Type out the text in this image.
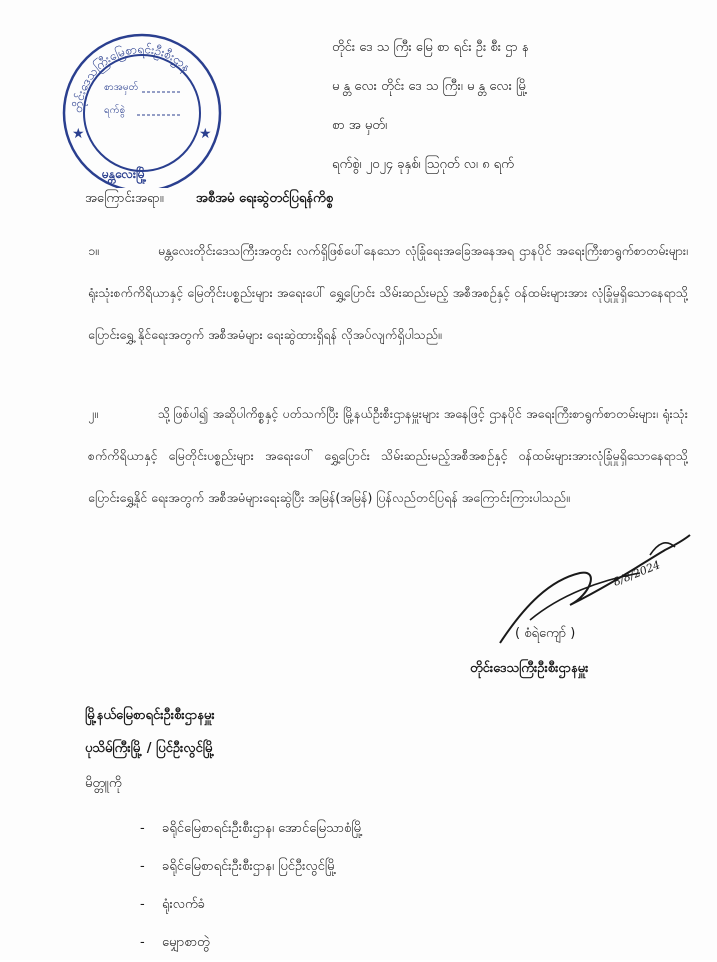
တိုင်းဒေသကြီးမြေစာရင်းဦးစီးဌာန
စာအမှတ်
ရက်စွဲ
မန္တလေးမြို့
★	★
တိုင်း ဒေ သ ကြီး မြေ စာ ရင်း ဦး စီး ဌာ န
မ န္တ လေး တိုင်း ဒေ သ ကြီး၊ မ န္တ လေး မြို့
စာ အ မှတ်၊
ရက်စွဲ၊ ၂၀၂၄ ခုနှစ်၊ ဩဂုတ် လ၊ ၈ ရက်
အကြောင်းအရာ။ အစီအမံ ရေးဆွဲတင်ပြရန်ကိစ္စ
၁။	မန္တလေးတိုင်းဒေသကြီးအတွင်း လက်ရှိဖြစ်ပေါ်နေသော လုံခြုံရေးအခြေအနေအရ ဌာနပိုင် အရေးကြီးစာရွက်စာတမ်းများ၊ ရုံးသုံးစက်ကိရိယာနှင့် မြေတိုင်းပစ္စည်းများ အရေးပေါ် ရွှေ့ပြောင်း သိမ်းဆည်းမည့် အစီအစဉ်နှင့် ဝန်ထမ်းများအား လုံခြုံမှုရှိသောနေရာသို့ ပြောင်းရွှေ့ နိုင်ရေးအတွက် အစီအမံများ ရေးဆွဲထားရှိရန် လိုအပ်လျက်ရှိပါသည်။
၂။	သို့ဖြစ်ပါ၍ အဆိုပါကိစ္စနှင့် ပတ်သက်ပြီး မြို့နယ်ဦးစီးဌာနမှူးများ အနေဖြင့် ဌာနပိုင် အရေးကြီးစာရွက်စာတမ်းများ၊ ရုံးသုံးစက်ကိရိယာနှင့် မြေတိုင်းပစ္စည်းများ အရေးပေါ် ရွှေ့ပြောင်း သိမ်းဆည်းမည့်အစီအစဉ်နှင့် ဝန်ထမ်းများအားလုံခြုံမှုရှိသောနေရာသို့ ပြောင်းရွှေ့နိုင် ရေးအတွက် အစီအမံများရေးဆွဲပြီး အမြန်(အမြန်) ပြန်လည်တင်ပြရန် အကြောင်းကြားပါသည်။
8/8/2024
( စံရဲကျော် )
တိုင်းဒေသကြီးဦးစီးဌာနမှူး
မြို့နယ်မြေစာရင်းဦးစီးဌာနမှူး
ပုသိမ်ကြီးမြို့ / ပြင်ဦးလွင်မြို့
မိတ္တူကို
- ခရိုင်မြေစာရင်းဦးစီးဌာန၊ အောင်မြေသာစံမြို့
- ခရိုင်မြေစာရင်းဦးစီးဌာန၊ ပြင်ဦးလွင်မြို့
- ရုံးလက်ခံ
- မျှောစာတွဲ
